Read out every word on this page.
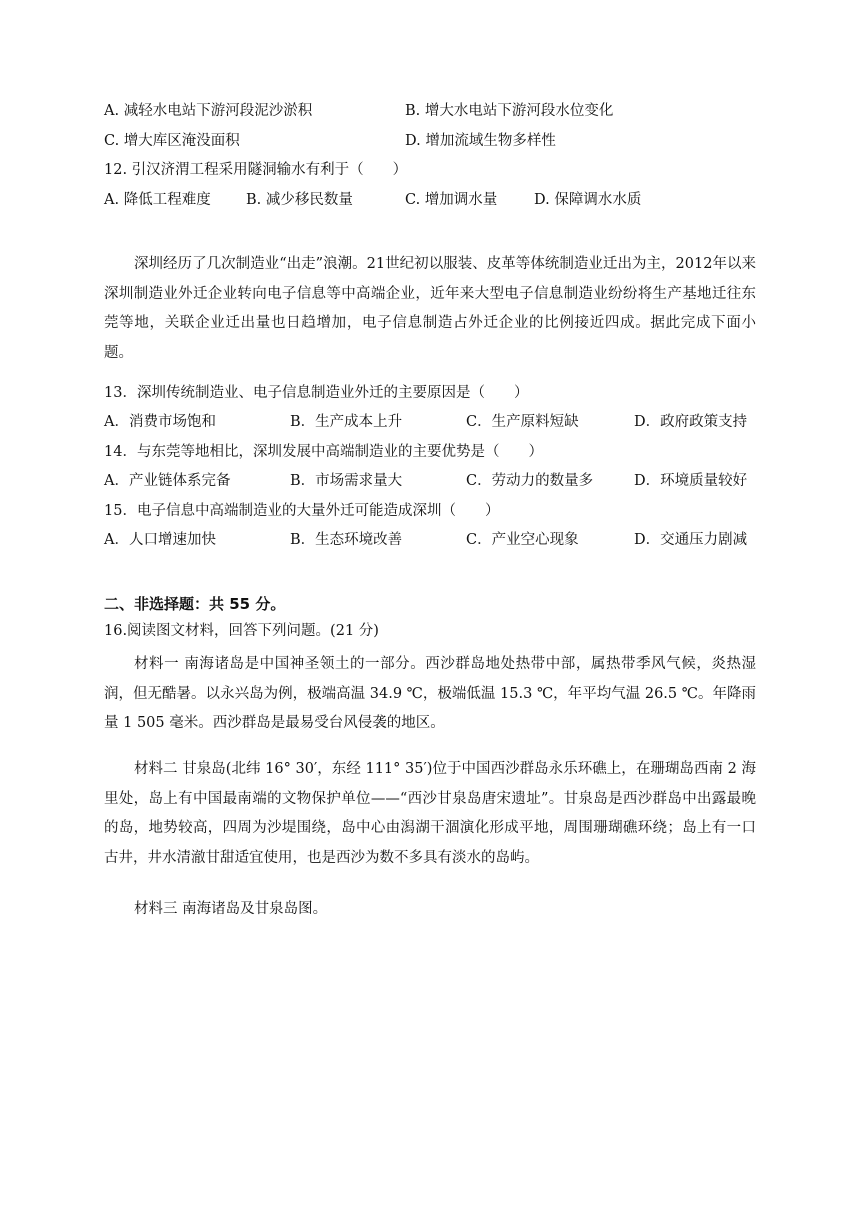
A. 减轻水电站下游河段泥沙淤积	B. 增大水电站下游河段水位变化
C. 增大库区淹没面积	D. 增加流域生物多样性
12. 引汉济渭工程采用隧洞输水有利于（　　）
A. 降低工程难度 B. 减少移民数量	C. 增加调水量	D. 保障调水水质

深圳经历了几次制造业“出走”浪潮。21世纪初以服装、皮革等体统制造业迁出为主，2012年以来深圳制造业外迁企业转向电子信息等中高端企业，近年来大型电子信息制造业纷纷将生产基地迁往东莞等地，关联企业迁出量也日趋增加，电子信息制造占外迁企业的比例接近四成。据此完成下面小题。

13．深圳传统制造业、电子信息制造业外迁的主要原因是（　　）
A．消费市场饱和	B．生产成本上升	C．生产原料短缺	D．政府政策支持
14．与东莞等地相比，深圳发展中高端制造业的主要优势是（　　）
A．产业链体系完备	B．市场需求量大	C．劳动力的数量多	D．环境质量较好
15．电子信息中高端制造业的大量外迁可能造成深圳（　　）
A．人口增速加快	B．生态环境改善	C．产业空心现象	D．交通压力剧减
二、非选择题：共 55 分。
16.阅读图文材料，回答下列问题。(21 分)

材料一 南海诸岛是中国神圣领土的一部分。西沙群岛地处热带中部，属热带季风气候，炎热湿润，但无酷暑。以永兴岛为例，极端高温 34.9 ℃，极端低温 15.3 ℃，年平均气温 26.5 ℃。年降雨量 1 505 毫米。西沙群岛是最易受台风侵袭的地区。

材料二 甘泉岛(北纬 16° 30′，东经 111° 35′)位于中国西沙群岛永乐环礁上，在珊瑚岛西南 2 海里处，岛上有中国最南端的文物保护单位——“西沙甘泉岛唐宋遗址”。甘泉岛是西沙群岛中出露最晚的岛，地势较高，四周为沙堤围绕，岛中心由潟湖干涸演化形成平地，周围珊瑚礁环绕；岛上有一口古井，井水清澈甘甜适宜使用，也是西沙为数不多具有淡水的岛屿。

材料三 南海诸岛及甘泉岛图。
